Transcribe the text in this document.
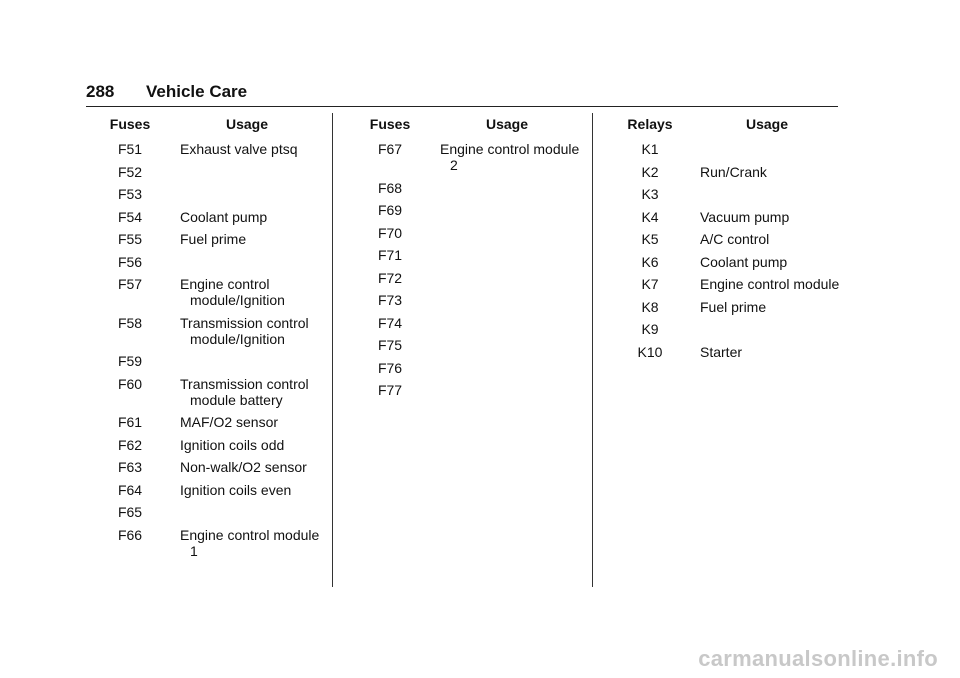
288 Vehicle Care
Fuses	Usage
F51	Exhaust valve ptsq
F52
F53
F54	Coolant pump
F55	Fuel prime
F56
F57	Engine control module/Ignition
F58	Transmission control module/Ignition
F59
F60	Transmission control module battery
F61	MAF/O2 sensor
F62	Ignition coils odd
F63	Non-walk/O2 sensor
F64	Ignition coils even
F65
F66	Engine control module 1
Fuses	Usage
F67	Engine control module 2
F68
F69
F70
F71
F72
F73
F74
F75
F76
F77
Relays	Usage
K1
K2	Run/Crank
K3
K4	Vacuum pump
K5	A/C control
K6	Coolant pump
K7	Engine control module
K8	Fuel prime
K9
K10	Starter
carmanualsonline.info
